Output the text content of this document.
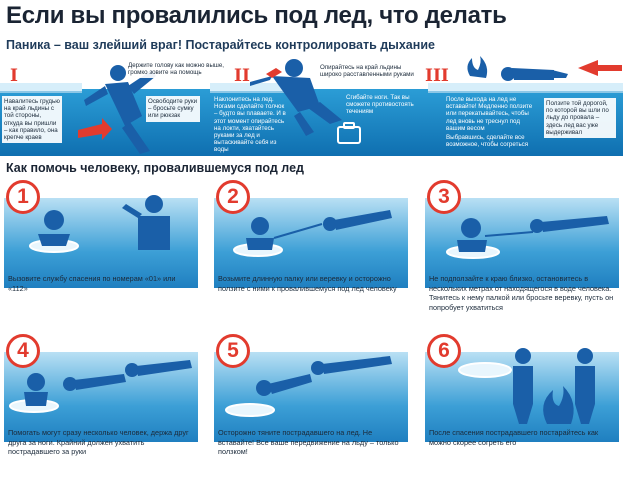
Если вы провалились под лед, что делать
Паника – ваш злейший враг! Постарайтесь контролировать дыхание
I
Держите голову как можно выше, громко зовите на помощь
Навалитесь грудью на край льдины с той стороны, откуда вы пришли – как правило, она крепче краев
Освободите руки – бросьте сумку или рюкзак
II	Опирайтесь на край льдины широко расставленными руками
Наклонитесь на лед. Ногами сделайте толчок – будто вы плаваете. И в этот момент опирайтесь на локти, хватайтесь руками за лед и вытаскивайте себя из воды
Сгибайте ноги. Так вы сможете противостоять течениям
III
После выхода на лед не вставайте! Медленно ползите или перекатывайтесь, чтобы лед вновь не треснул под вашим весом
Выбравшись, сделайте все возможное, чтобы согреться
Ползите той дорогой, по которой вы шли по льду до провала – здесь лед вас уже выдерживал
Как помочь человеку, провалившемуся под лед
1
Вызовите службу спасения по номерам «01» или «112»
2
Возьмите длинную палку или веревку и осторожно ползите с ними к провалившемуся под лед человеку
3
Не подползайте к краю близко, остановитесь в нескольких метрах от находящегося в воде человека. Тянитесь к нему палкой или бросьте веревку, пусть он попробует ухватиться
4
Помогать могут сразу несколько человек, держа друг друга за ноги. Крайний должен ухватить пострадавшего за руки
5
Осторожно тяните пострадавшего на лед. Не вставайте! Все ваше передвижение на льду – только ползком!
6
После спасения пострадавшего постарайтесь как можно скорее согреть его
